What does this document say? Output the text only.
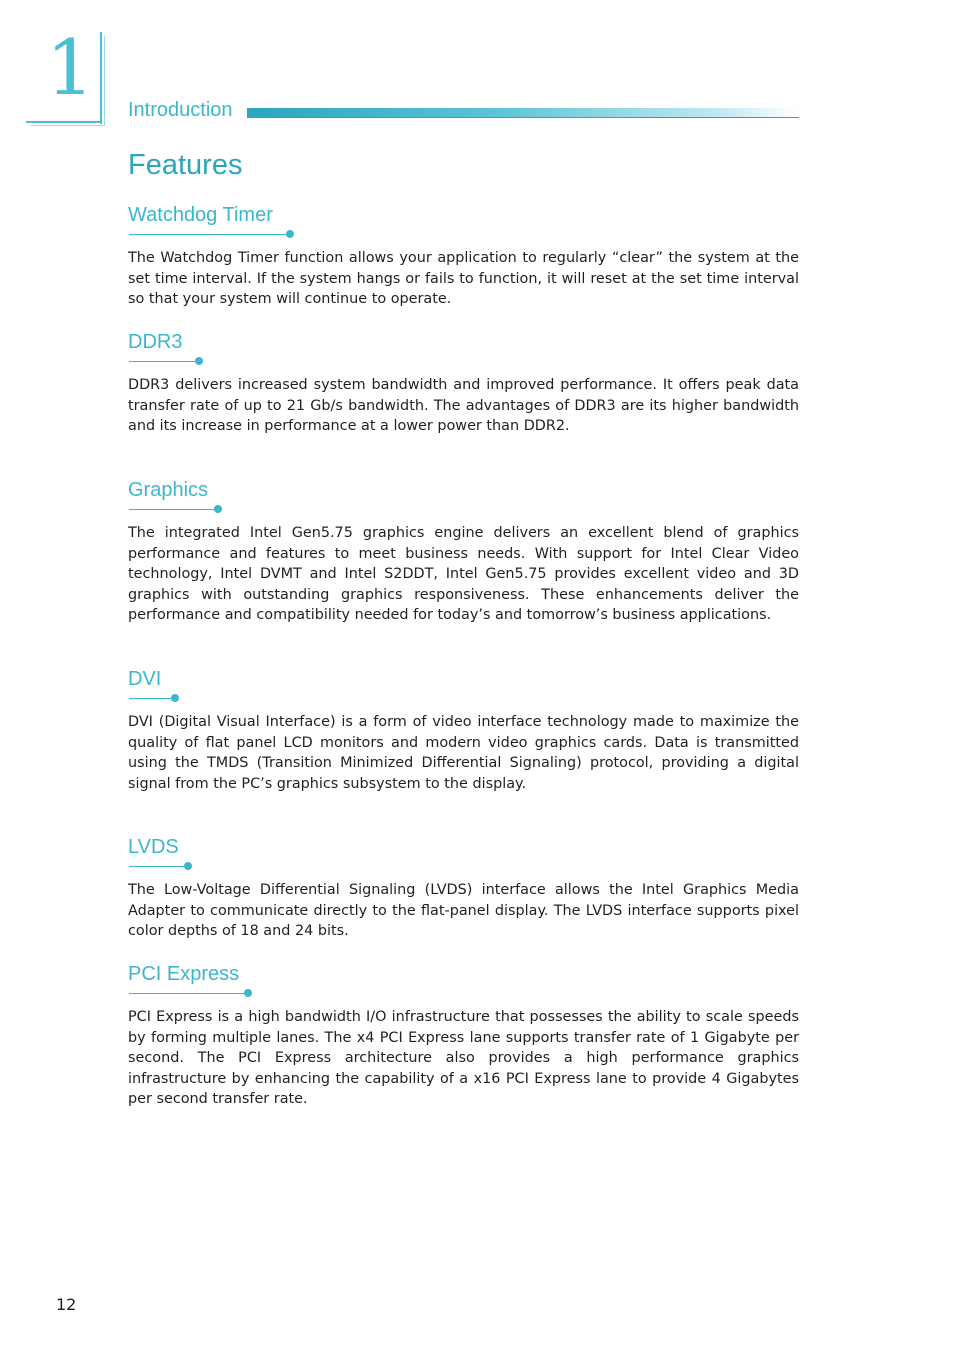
1 Introduction
Features
Watchdog Timer

The Watchdog Timer function allows your application to regularly “clear” the system at the set time interval. If the system hangs or fails to function, it will reset at the set time interval so that your system will continue to operate.

DDR3

DDR3 delivers increased system bandwidth and improved performance. It offers peak data transfer rate of up to 21 Gb/s bandwidth. The advantages of DDR3 are its higher bandwidth and its increase in performance at a lower power than DDR2.

Graphics

The integrated Intel Gen5.75 graphics engine delivers an excellent blend of graphics performance and features to meet business needs. With support for Intel Clear Video technology, Intel DVMT and Intel S2DDT, Intel Gen5.75 provides excellent video and 3D graphics with outstanding graphics responsiveness. These enhancements deliver the performance and compatibility needed for today’s and tomorrow’s business applications.

DVI

DVI (Digital Visual Interface) is a form of video interface technology made to maximize the quality of flat panel LCD monitors and modern video graphics cards. Data is transmitted using the TMDS (Transition Minimized Differential Signaling) protocol, providing a digital signal from the PC’s graphics subsystem to the display.

LVDS

The Low-Voltage Differential Signaling (LVDS) interface allows the Intel Graphics Media Adapter to communicate directly to the flat-panel display. The LVDS interface supports pixel color depths of 18 and 24 bits.

PCI Express

PCI Express is a high bandwidth I/O infrastructure that possesses the ability to scale speeds by forming multiple lanes. The x4 PCI Express lane supports transfer rate of 1 Gigabyte per second. The PCI Express architecture also provides a high performance graphics infrastructure by enhancing the capability of a x16 PCI Express lane to provide 4 Gigabytes per second transfer rate.

12
